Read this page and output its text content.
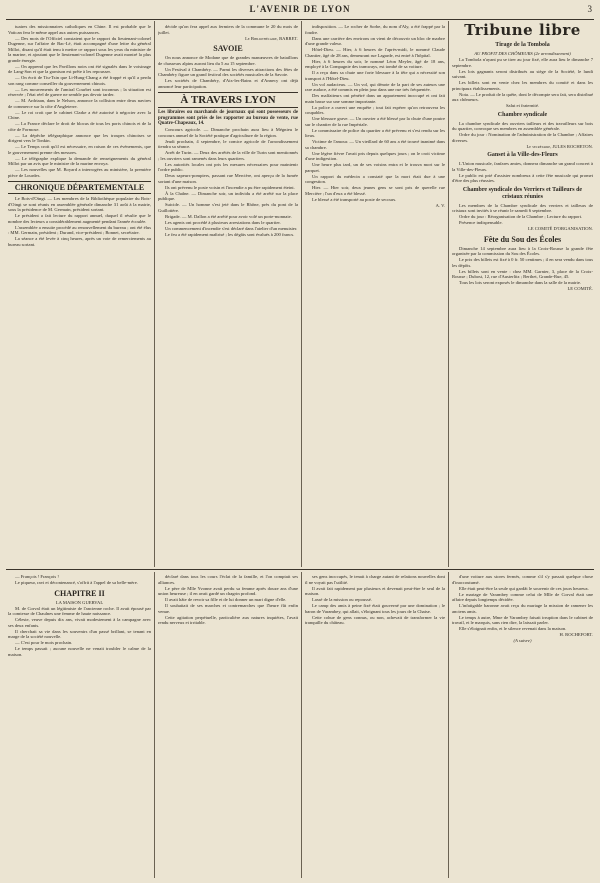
L'AVENIR DE LYON	3

tuaires des missionnaires catholiques en Chine. Il est probable que le Vatican fera le même appel aux autres puissances.

— Des mots de l'Officiel constatent que le rapport du lieutenant-colonel Dugenne, sur l'affaire de Bac-Lé, était accompagné d'une lettre du général Millot, disant qu'il était tenu à mettre ce rapport sous les yeux du ministre de la marine, et ajoutant que le lieutenant-colonel Dugenne avait montré la plus grande énergie.

— On apprend que les Pavillons noirs ont été signalés dans le voisinage de Lang-Son et que la garnison est prête à les repousser.

— On écrit de Tiu-Tsin que Li-Hung-Chang a été frappé et qu'il a perdu son rang comme conseiller du gouvernement chinois.

— Les mouvements de l'amiral Courbet sont inconnus ; la situation est réservée ; l'état réel de guerre ne semble pas devoir tarder.

— M. Ardriaan, dans le Nelson, annonce la collision entre deux navires de commerce sur la côte d'Angleterre.

— Le roi croit que le cabinet Clarke a été autorisé à négocier avec la Chine.

— La France déclare le droit de blocus de tous les ports chinois et de la côte de Formose.

— La dépêche télégraphique annonce que les troupes chinoises se dirigent vers le Tonkin.

— Le Temps croit qu'il est nécessaire, en raison de ces événements, que le gouvernement prenne des mesures.

— Le télégraphe explique la demande de renseignements du général Millot par un avis que le ministre de la marine envoya.

— Les nouvelles que M. Boyard a interrogées au ministère, la première pièce de Lourdes.

CHRONIQUE DÉPARTEMENTALE

Le Bois-d'Oingt. — Les membres de la Bibliothèque populaire du Bois-d'Oingt se sont réunis en assemblée générale dimanche 31 août à la mairie, sous la présidence de M. Germain, président sortant.

Le président a fait lecture du rapport annuel, duquel il résulte que le nombre des lecteurs a considérablement augmenté pendant l'année écoulée.

L'assemblée a ensuite procédé au renouvellement du bureau ; ont été élus : MM. Germain, président ; Durand, vice-président ; Bonnet, secrétaire.

La séance a été levée à cinq heures, après un vote de remerciements au bureau sortant.

décide qu'on fera appel aux fermiers de la commune le 20 du mois de juillet.

Le Bibliothécaire, BARRET.

SAVOIE

On nous annonce de Modane que de grandes manœuvres de bataillons de chasseurs alpins auront lieu du 5 au 15 septembre.

Un Festival à Chambéry. — Parmi les diverses attractions des fêtes de Chambéry figure un grand festival des sociétés musicales de la Savoie.

Les sociétés de Chambéry, d'Aix-les-Bains et d'Annecy ont déjà annoncé leur participation.

À TRAVERS LYON

Les libraires ou marchands de journaux qui sont possesseurs de programmes sont priés de les rapporter au bureau de vente, rue Quatre-Chapeaux, 14.

Concours agricole. — Dimanche prochain aura lieu à Mégnieu le concours annuel de la Société pratique d'agriculture de la région.

Jeudi prochain, 4 septembre, le comice agricole de l'arrondissement tiendra sa séance.

Arrêt de Turin. — Deux des arrêtés de la ville de Turin sont mentionnés ; les ouvriers sont ramenés dans leurs quartiers.

Les autorités locales ont pris les mesures nécessaires pour maintenir l'ordre public.

Deux sapeurs-pompiers, passant rue Mercière, ont aperçu de la fumée sortant d'une maison.

Ils ont prévenu le poste voisin et l'incendie a pu être rapidement éteint.

À la Chaîne. — Dimanche soir, un individu a été arrêté sur la place publique.

Suicide. — Un homme s'est jeté dans le Rhône, près du pont de la Guillotière.

Brigade. — M. Dallon a été arrêté pour avoir volé un porte-monnaie.

Les agents ont procédé à plusieurs arrestations dans le quartier.

Un commencement d'incendie s'est déclaré dans l'atelier d'un menuisier.

Le feu a été rapidement maîtrisé ; les dégâts sont évalués à 200 francs.

indisposition. — Le rocher de Sorbe, du nom d'Aly, a été frappé par la foudre.

Dans une carrière des environs on vient de découvrir un bloc de marbre d'une grande valeur.

Hôtel-Dieu. — Hier, à 6 heures de l'après-midi, le nommé Claude Chantier, âgé de 28 ans, demeurant rue Lagarde, est entré à l'hôpital.

Hier, à 6 heures du soir, le nommé Léon Meyler, âgé de 18 ans, employé à la Compagnie des tramways, est tombé de sa voiture.

Il a reçu dans sa chute une forte blessure à la tête qui a nécessité son transport à l'Hôtel-Dieu.

Un vol audacieux. — Un vol, qui dénote de la part de ses auteurs une rare audace, a été commis en plein jour dans une rue très fréquentée.

Des malfaiteurs ont pénétré dans un appartement inoccupé et ont fait main basse sur une somme importante.

La police a ouvert une enquête ; tout fait espérer qu'on retrouvera les coupables.

Une blessure grave. — Un ouvrier a été blessé par la chute d'une poutre sur le chantier de la rue Impériale.

Le commissaire de police du quartier a été prévenu et s'est rendu sur les lieux.

Victime de l'amour. — Un vieillard de 60 ans a été trouvé inanimé dans sa chambre.

Une légère fièvre l'avait pris depuis quelques jours ; on le croit victime d'une indigestion.

Une heure plus tard, un de ses voisins entra et le trouva mort sur le parquet.

Un rapport du médecin a constaté que la mort était due à une congestion.

Hier. — Hier soir, deux jeunes gens se sont pris de querelle rue Mercière ; l'un d'eux a été blessé.

Le blessé a été transporté au poste de secours.

A. V.

Tribune libre
Tirage de la Tombola

AU PROFIT DES CHÔMEURS (2e arrondissement)

La Tombola n'ayant pu se tirer au jour fixé, elle aura lieu le dimanche 7 septembre.

Les lots gagnants seront distribués au siège de la Société, le lundi suivant.

Les billets sont en vente chez les membres du comité et dans les principaux établissements.

Nota. — Le produit de la quête, dont le décompte sera fait, sera distribué aux chômeurs.

Salut et fraternité.

Chambre syndicale

La chambre syndicale des ouvriers tailleurs et des travailleurs sur bois du quartier, convoque ses membres en assemblée générale.

Ordre du jour : Nomination de l'administration de la Chambre ; Affaires diverses.

Le secrétaire, JULES ROCHETON.

Ganset à la Ville-des-Fleurs

L'Union musicale, fanfares amies, donnera dimanche un grand concert à la Ville-des-Fleurs.

Le public est prié d'assister nombreux à cette fête musicale qui promet d'être des plus réussies.

Chambre syndicale des Verriers et Tailleurs de cristaux réunies

Les membres de la Chambre syndicale des verriers et tailleurs de cristaux sont invités à se réunir le samedi 6 septembre.

Ordre du jour : Réorganisation de la Chambre ; Lecture du rapport.

Présence indispensable.

LE COMITÉ D'ORGANISATION.

Fête du Sou des Écoles

Dimanche 14 septembre aura lieu à la Croix-Rousse la grande fête organisée par la commission du Sou des Écoles.

Le prix des billets est fixé à 0 fr. 50 centimes ; il en sera vendu dans tous les dépôts.

Les billets sont en vente : chez MM. Garnier, 3, place de la Croix-Rousse ; Dubost, 12, rue d'Austerlitz ; Berthet, Grande-Rue, 45.

Tous les lots seront exposés le dimanche dans la salle de la mairie.

LE COMITÉ.

— François ! François !

Le piqueur, ravi et décontenancé, s'offrit à l'appel de sa belle-mère.

CHAPITRE II

LA MAISON GUERVAL

M. de Corval était un légitimiste de l'ancienne roche. Il avait épousé par la comtesse de Chaulnes une femme de haute naissance.

Céleste, veuve depuis dix ans, vivait modestement à la campagne avec ses deux enfants.

Il cherchait sa vie dans les souvenirs d'un passé brillant, se tenant en marge de la société nouvelle.

— C'est pour le mois prochain.

Le temps passait ; aucune nouvelle ne venait troubler le calme de la maison.

déclaré dans tous les cours l'éclat de la famille, et l'on comptait ses alliances.

Le père de Mlle Yvonne avait perdu sa femme après douze ans d'une union heureuse ; il en avait gardé un chagrin profond.

Il avait hâte de revoir sa fille et de lui donner un mari digne d'elle.

Il souhaitait de ses marches et contremarches que l'heure fût enfin venue.

Cette agitation perpétuelle, particulière aux natures inquiètes, l'avait rendu nerveux et irritable.

ses gens inoccupés, le tenait à charge autant de relations nouvelles dont il ne voyait pas l'utilité.

Il avait fait rapidement par plusieurs et devenait peut-être le seul de la maison.

Lassé de la mission ou repoussé.

Le camp des amis à peine fixé était gouverné par une domination ; le baron de Varambey, qui allait, s'éloignant tous les jours de la Chaise.

Cette cohue de gens connus, ou non, achevait de transformer la vie tranquille du château.

d'une voiture aux stores fermés, comme s'il s'y passait quelque chose d'inaccoutumé.

Elle était peut-être la seule qui gardât le souvenir de ces jours heureux.

Le mariage de Varambey comme celui de Mlle de Corval était une affaire depuis longtemps décidée.

L'infatigable baronne avait reçu du mariage la mission de ramener les anciens amis.

Le temps à autre, Mme de Varambey faisait irruption dans le cabinet de travail, et le marquis, sans rien dire, la laissait parler.

Elle s'éloignait enfin, et le silence revenait dans la maison.

H. ROCHEFORT.

(A suivre)
